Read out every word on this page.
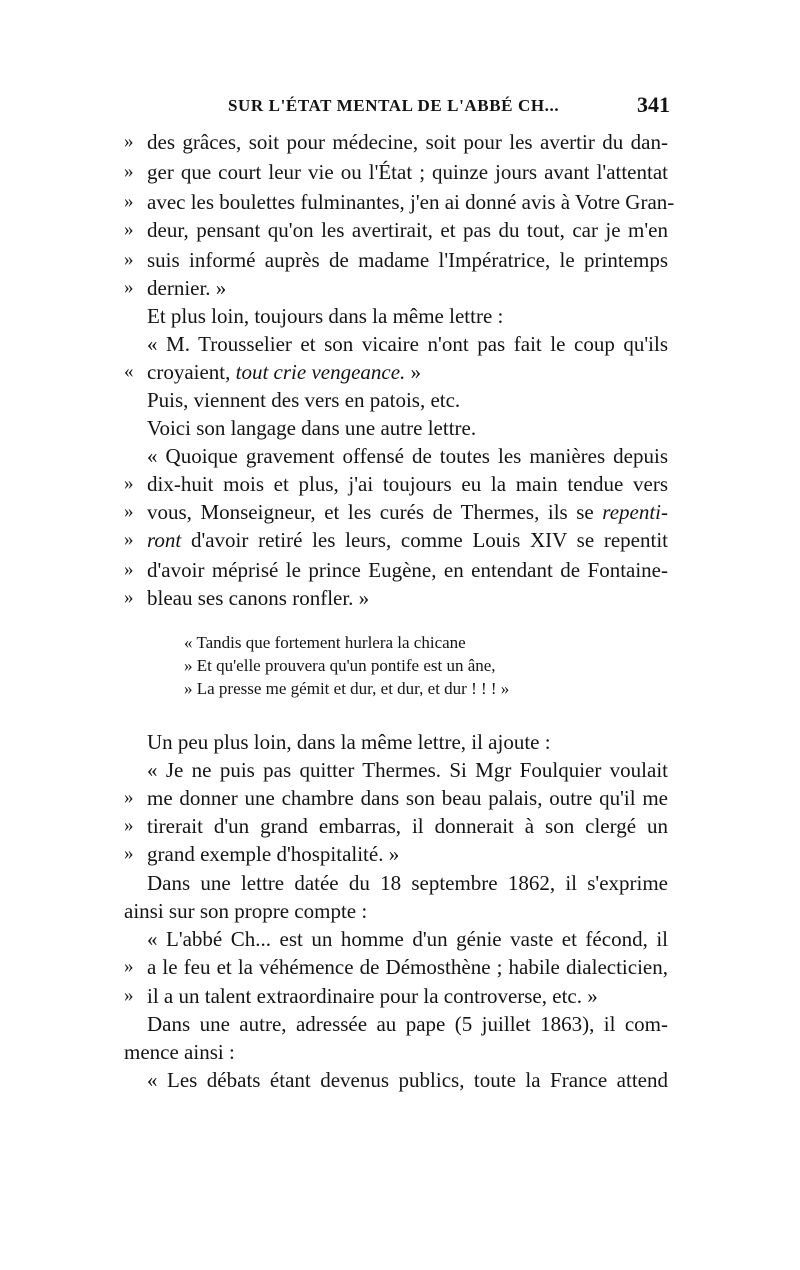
SUR L'ÉTAT MENTAL DE L'ABBÉ CH...	341
» des grâces, soit pour médecine, soit pour les avertir du dan-
» ger que court leur vie ou l'État ; quinze jours avant l'attentat
» avec les boulettes fulminantes, j'en ai donné avis à Votre Gran-
» deur, pensant qu'on les avertirait, et pas du tout, car je m'en
» suis informé auprès de madame l'Impératrice, le printemps
» dernier. »
Et plus loin, toujours dans la même lettre :
« M. Trousselier et son vicaire n'ont pas fait le coup qu'ils
« croyaient, tout crie vengeance. »
Puis, viennent des vers en patois, etc.
Voici son langage dans une autre lettre.
« Quoique gravement offensé de toutes les manières depuis
» dix-huit mois et plus, j'ai toujours eu la main tendue vers
» vous, Monseigneur, et les curés de Thermes, ils se repenti-
» ront d'avoir retiré les leurs, comme Louis XIV se repentit
» d'avoir méprisé le prince Eugène, en entendant de Fontaine-
» bleau ses canons ronfler. »
« Tandis que fortement hurlera la chicane
» Et qu'elle prouvera qu'un pontife est un âne,
» La presse me gémit et dur, et dur, et dur ! ! ! »
Un peu plus loin, dans la même lettre, il ajoute :
« Je ne puis pas quitter Thermes. Si Mgr Foulquier voulait
» me donner une chambre dans son beau palais, outre qu'il me
» tirerait d'un grand embarras, il donnerait à son clergé un
» grand exemple d'hospitalité. »
Dans une lettre datée du 18 septembre 1862, il s'exprime
ainsi sur son propre compte :
« L'abbé Ch... est un homme d'un génie vaste et fécond, il
» a le feu et la véhémence de Démosthène ; habile dialecticien,
» il a un talent extraordinaire pour la controverse, etc. »
Dans une autre, adressée au pape (5 juillet 1863), il com-
mence ainsi :
« Les débats étant devenus publics, toute la France attend
